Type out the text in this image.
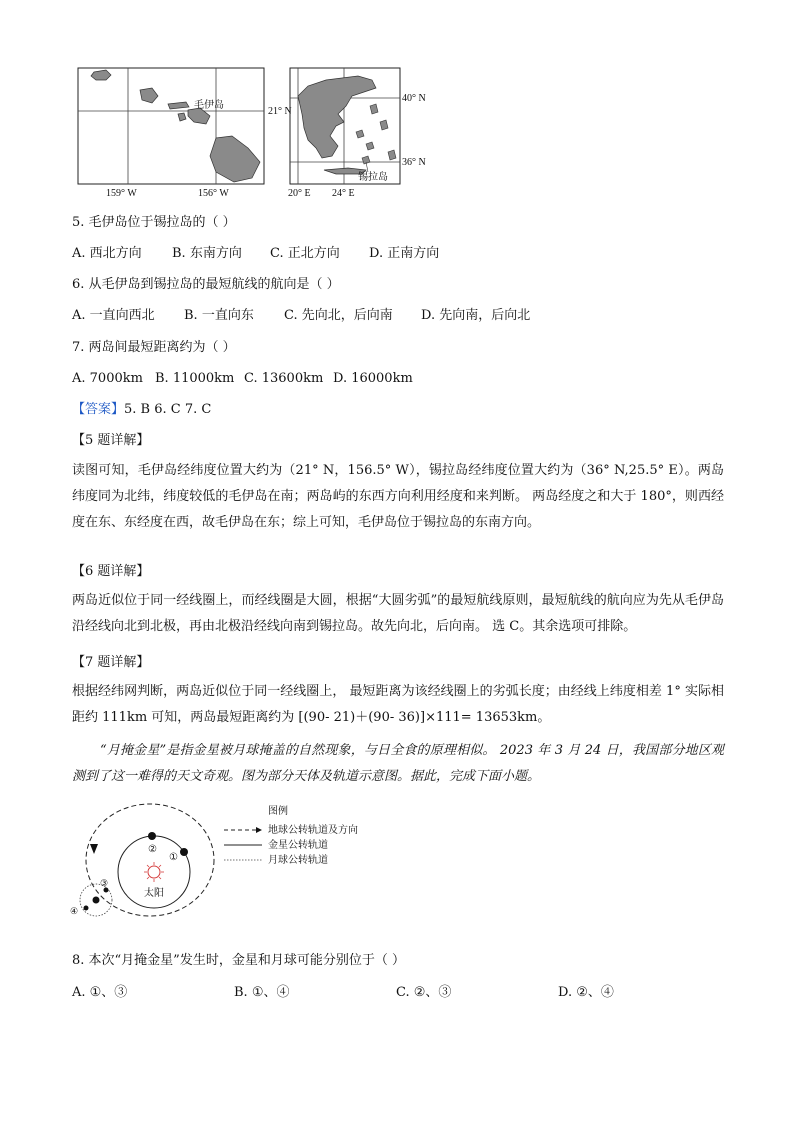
毛伊岛
21° N
159° W	156° W
锡拉岛
40° N
36° N
20° E 24° E
5. 毛伊岛位于锡拉岛的（ ）
A. 西北方向 B. 东南方向 C. 正北方向 D. 正南方向
6. 从毛伊岛到锡拉岛的最短航线的航向是（ ）
A. 一直向西北 B. 一直向东 C. 先向北，后向南 D. 先向南，后向北
7. 两岛间最短距离约为（ ）
A. 7000km B. 11000km C. 13600km D. 16000km
【答案】5. B 6. C 7. C
【5 题详解】
读图可知，毛伊岛经纬度位置大约为（21° N，156.5° W），锡拉岛经纬度位置大约为（36° N,25.5° E）。两岛纬度同为北纬，纬度较低的毛伊岛在南；两岛屿的东西方向利用经度和来判断。 两岛经度之和大于 180°，则西经度在东、东经度在西，故毛伊岛在东；综上可知，毛伊岛位于锡拉岛的东南方向。
【6 题详解】
两岛近似位于同一经线圈上，而经线圈是大圆，根据“大圆劣弧”的最短航线原则，最短航线的航向应为先从毛伊岛沿经线向北到北极，再由北极沿经线向南到锡拉岛。故先向北，后向南。 选 C。其余选项可排除。
【7 题详解】
根据经纬网判断，两岛近似位于同一经线圈上， 最短距离为该经线圈上的劣弧长度；由经线上纬度相差 1° 实际相距约 111km 可知，两岛最短距离约为 [(90- 21)＋(90- 36)]×111= 13653km。
“月掩金星”是指金星被月球掩盖的自然现象，与日全食的原理相似。 2023 年 3 月 24 日，我国部分地区观测到了这一难得的天文奇观。图为部分天体及轨道示意图。据此，完成下面小题。
太阳
②
①
③
④
图例
地球公转轨道及方向
金星公转轨道
月球公转轨道
8. 本次“月掩金星”发生时，金星和月球可能分别位于（ ）
A. ①、③	B. ①、④	C. ②、③	D. ②、④
